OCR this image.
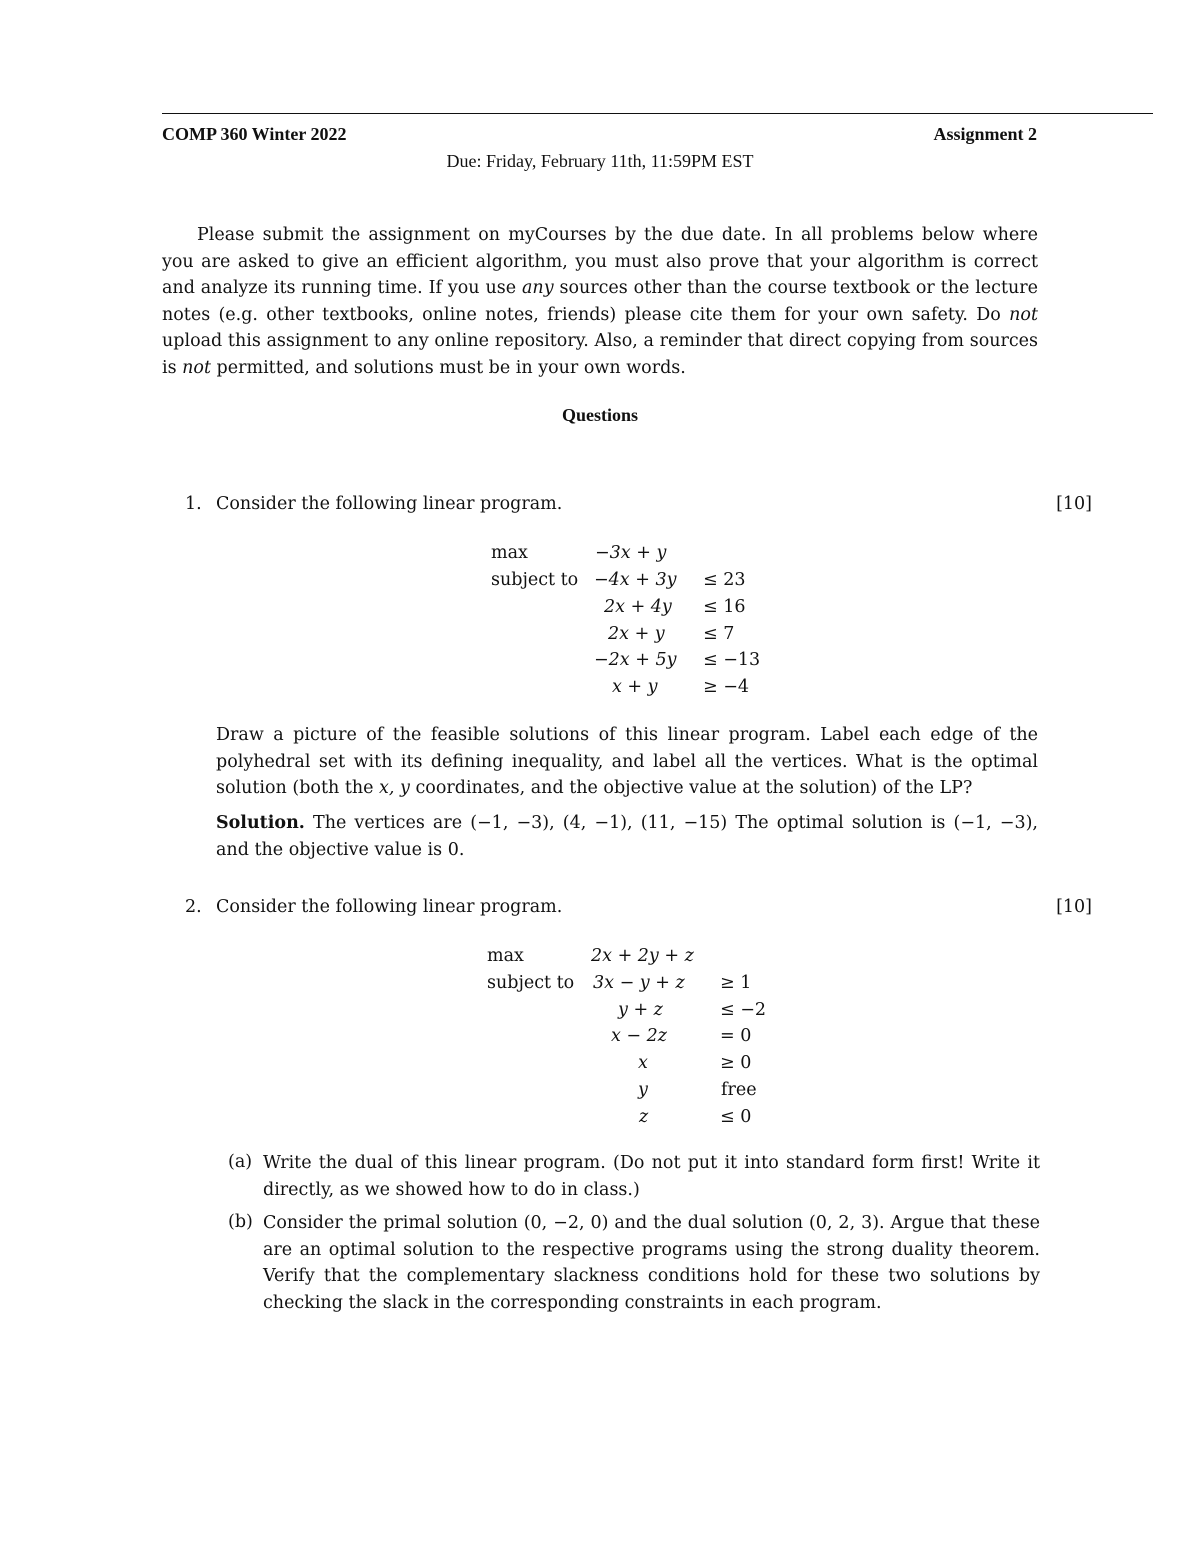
COMP 360 Winter 2022	Assignment 2
Due: Friday, February 11th, 11:59PM EST

Please submit the assignment on myCourses by the due date. In all problems below where you are asked to give an efficient algorithm, you must also prove that your algorithm is correct and analyze its running time. If you use any sources other than the course textbook or the lecture notes (e.g. other textbooks, online notes, friends) please cite them for your own safety. Do not upload this assignment to any online repository. Also, a reminder that direct copying from sources is not permitted, and solutions must be in your own words.

Questions
1. Consider the following linear program.	[10]
max	−3x + y
subject to −4x + 3y ≤ 23
2x + 4y ≤ 16
2x + y ≤ 7
−2x + 5y ≤ −13
x + y	≥ −4

Draw a picture of the feasible solutions of this linear program. Label each edge of the polyhedral set with its defining inequality, and label all the vertices. What is the optimal solution (both the x, y coordinates, and the objective value at the solution) of the LP?

Solution. The vertices are (−1, −3), (4, −1), (11, −15) The optimal solution is (−1, −3), and the objective value is 0.

2. Consider the following linear program.	[10]
max	2x + 2y + z
subject to 3x − y + z ≥ 1
y + z	≤ −2
x − 2z	= 0
x	≥ 0
y	free
z	≤ 0
(a) Write the dual of this linear program. (Do not put it into standard form first! Write it directly, as we showed how to do in class.)
(b) Consider the primal solution (0, −2, 0) and the dual solution (0, 2, 3). Argue that these are an optimal solution to the respective programs using the strong duality theorem. Verify that the complementary slackness conditions hold for these two solutions by checking the slack in the corresponding constraints in each program.
